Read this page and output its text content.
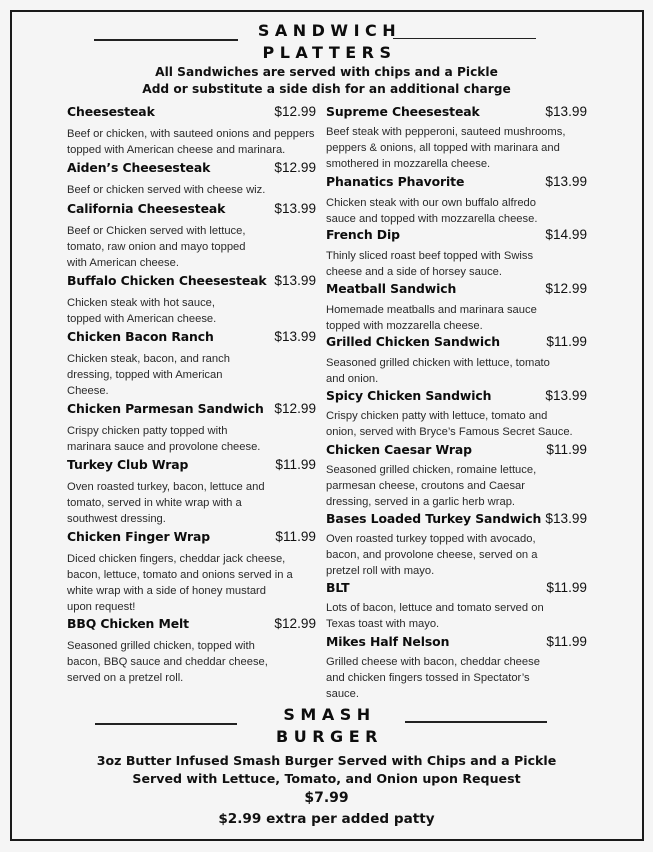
SANDWICH
PLATTERS
All Sandwiches are served with chips and a Pickle
Add or substitute a side dish for an additional charge
Cheesesteak	$12.99
Beef or chicken, with sauteed onions and peppers
topped with American cheese and marinara.
Aiden’s Cheesesteak	$12.99
Beef or chicken served with cheese wiz.
California Cheesesteak	$13.99
Beef or Chicken served with lettuce,
tomato, raw onion and mayo topped
with American cheese.
Buffalo Chicken Cheesesteak $13.99
Chicken steak with hot sauce,
topped with American cheese.
Chicken Bacon Ranch	$13.99
Chicken steak, bacon, and ranch
dressing, topped with American
Cheese.
Chicken Parmesan Sandwich $12.99
Crispy chicken patty topped with
marinara sauce and provolone cheese.
Turkey Club Wrap	$11.99
Oven roasted turkey, bacon, lettuce and
tomato, served in white wrap with a
southwest dressing.
Chicken Finger Wrap	$11.99
Diced chicken fingers, cheddar jack cheese,
bacon, lettuce, tomato and onions served in a
white wrap with a side of honey mustard
upon request!
BBQ Chicken Melt	$12.99
Seasoned grilled chicken, topped with
bacon, BBQ sauce and cheddar cheese,
served on a pretzel roll.
Supreme Cheesesteak	$13.99
Beef steak with pepperoni, sauteed mushrooms,
peppers & onions, all topped with marinara and
smothered in mozzarella cheese.
Phanatics Phavorite	$13.99
Chicken steak with our own buffalo alfredo
sauce and topped with mozzarella cheese.
French Dip	$14.99
Thinly sliced roast beef topped with Swiss
cheese and a side of horsey sauce.
Meatball Sandwich	$12.99
Homemade meatballs and marinara sauce
topped with mozzarella cheese.
Grilled Chicken Sandwich	$11.99
Seasoned grilled chicken with lettuce, tomato
and onion.
Spicy Chicken Sandwich	$13.99
Crispy chicken patty with lettuce, tomato and
onion, served with Bryce’s Famous Secret Sauce.
Chicken Caesar Wrap	$11.99
Seasoned grilled chicken, romaine lettuce,
parmesan cheese, croutons and Caesar
dressing, served in a garlic herb wrap.
Bases Loaded Turkey Sandwich $13.99
Oven roasted turkey topped with avocado,
bacon, and provolone cheese, served on a
pretzel roll with mayo.
BLT	$11.99
Lots of bacon, lettuce and tomato served on
Texas toast with mayo.
Mikes Half Nelson	$11.99
Grilled cheese with bacon, cheddar cheese
and chicken fingers tossed in Spectator’s
sauce.
SMASH
BURGER
3oz Butter Infused Smash Burger Served with Chips and a Pickle
Served with Lettuce, Tomato, and Onion upon Request
$7.99
$2.99 extra per added patty
